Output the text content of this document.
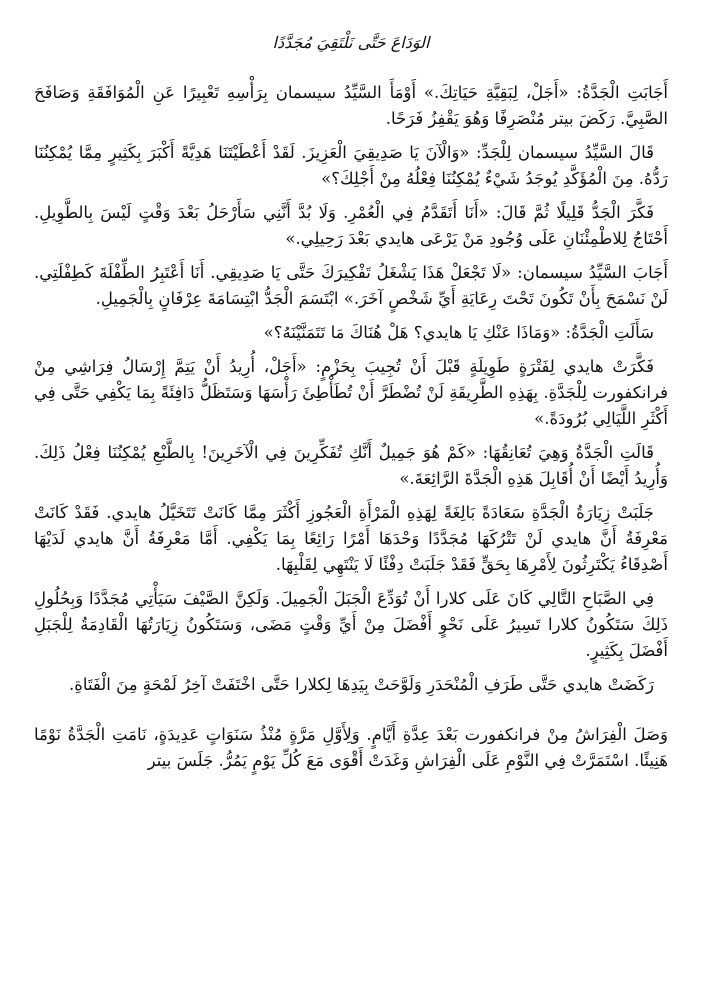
الوَدَاعَ حَتَّى نَلْتَقِيَ مُجَدَّدًا

أَجَابَتِ الْجَدَّةُ: «أَجَلْ، لِبَقِيَّةِ حَيَاتِكَ.» أَوْمَأَ السَّيِّدُ سيسمان بِرَأْسِهِ تَعْبِيرًا عَنِ الْمُوَافَقَةِ وَصَافَحَ الصَّبِيَّ. رَكَضَ بيتر مُنْصَرِفًا وَهُوَ يَقْفِزُ فَرَحًا.

قَالَ السَّيِّدُ سيسمان لِلْجَدِّ: «وَالْآنَ يَا صَدِيقِيَ الْعَزِيزَ. لَقَدْ أَعْطَيْتَنَا هَدِيَّةً أَكْبَرَ بِكَثِيرٍ مِمَّا يُمْكِنُنَا رَدُّهُ. مِنَ الْمُؤَكَّدِ يُوجَدُ شَيْءٌ يُمْكِنُنَا فِعْلُهُ مِنْ أَجْلِكَ؟»

فَكَّرَ الْجَدُّ قَلِيلًا ثُمَّ قَالَ: «أَنَا أَتَقَدَّمُ فِي الْعُمْرِ. وَلَا بُدَّ أَنَّنِي سَأَرْحَلُ بَعْدَ وَقْتٍ لَيْسَ بِالطَّوِيلِ. أَحْتَاجُ لِلاطْمِئْنَانِ عَلَى وُجُودِ مَنْ يَرْعَى هايدي بَعْدَ رَحِيلِي.»

أَجَابَ السَّيِّدُ سيسمان: «لَا تَجْعَلْ هَذَا يَشْغَلُ تَفْكِيرَكَ حَتَّى يَا صَدِيقِي. أَنَا أَعْتَبِرُ الطِّفْلَةَ كَطِفْلَتِي. لَنْ نَسْمَحَ بِأَنْ تَكُونَ تَحْتَ رِعَايَةِ أَيِّ شَخْصٍ آخَرَ.» ابْتَسَمَ الْجَدُّ ابْتِسَامَةَ عِرْفَانٍ بِالْجَمِيلِ.

سَأَلَتِ الْجَدَّةُ: «وَمَاذَا عَنْكِ يَا هايدي؟ هَلْ هُنَاكَ مَا تَتَمَنَّيْنَهُ؟»

فَكَّرَتْ هايدي لِفَتْرَةٍ طَوِيلَةٍ قَبْلَ أَنْ تُجِيبَ بِحَزْمٍ: «أَجَلْ، أُرِيدُ أَنْ يَتِمَّ إِرْسَالُ فِرَاشِي مِنْ فرانكفورت لِلْجَدَّةِ. بِهَذِهِ الطَّرِيقَةِ لَنْ تُضْطَرَّ أَنْ تُطَأْطِئَ رَأْسَهَا وَسَتَظَلُّ دَافِئَةً بِمَا يَكْفِي حَتَّى فِي أَكْثَرِ اللَّيَالِي بُرُودَةً.»

قَالَتِ الْجَدَّةُ وَهِيَ تُعَانِقُهَا: «كَمْ هُوَ جَمِيلٌ أَنَّكِ تُفَكِّرِينَ فِي الْآخَرِينَ! بِالطَّبْعِ يُمْكِنُنَا فِعْلُ ذَلِكَ. وَأُرِيدُ أَيْضًا أَنْ أُقَابِلَ هَذِهِ الْجَدَّةَ الرَّائِعَةَ.»

جَلَبَتْ زِيَارَةُ الْجَدَّةِ سَعَادَةً بَالِغَةً لِهَذِهِ الْمَرْأَةِ الْعَجُوزِ أَكْثَرَ مِمَّا كَانَتْ تَتَخَيَّلُ هايدي. فَقَدْ كَانَتْ مَعْرِفَةُ أَنَّ هايدي لَنْ تَتْرُكَهَا مُجَدَّدًا وَحْدَهَا أَمْرًا رَائِعًا بِمَا يَكْفِي. أَمَّا مَعْرِفَةُ أَنَّ هايدي لَدَيْهَا أَصْدِقَاءُ يَكْتَرِثُونَ لِأَمْرِهَا بِحَقٍّ فَقَدْ جَلَبَتْ دِفْئًا لَا يَنْتَهِي لِقَلْبِهَا.

فِي الصَّبَاحِ التَّالِي كَانَ عَلَى كلارا أَنْ تُوَدِّعَ الْجَبَلَ الْجَمِيلَ. وَلَكِنَّ الصَّيْفَ سَيَأْتِي مُجَدَّدًا وَبِحُلُولِ ذَلِكَ سَتَكُونُ كلارا تَسِيرُ عَلَى نَحْوٍ أَفْضَلَ مِنْ أَيِّ وَقْتٍ مَضَى، وَسَتَكُونُ زِيَارَتُهَا الْقَادِمَةُ لِلْجَبَلِ أَفْضَلَ بِكَثِيرٍ.

رَكَضَتْ هايدي حَتَّى طَرَفِ الْمُنْحَدَرِ وَلَوَّحَتْ بِيَدِهَا لِكلارا حَتَّى اخْتَفَتْ آخِرُ لَمْحَةٍ مِنَ الْفَتَاةِ.

وَصَلَ الْفِرَاشُ مِنْ فرانكفورت بَعْدَ عِدَّةِ أَيَّامٍ. وَلِأَوَّلِ مَرَّةٍ مُنْذُ سَنَوَاتٍ عَدِيدَةٍ، نَامَتِ الْجَدَّةُ نَوْمًا هَنِيئًا. اسْتَمَرَّتْ فِي النَّوْمِ عَلَى الْفِرَاشِ وَغَدَتْ أَقْوَى مَعَ كُلِّ يَوْمٍ يَمُرُّ. جَلَسَ بيتر
